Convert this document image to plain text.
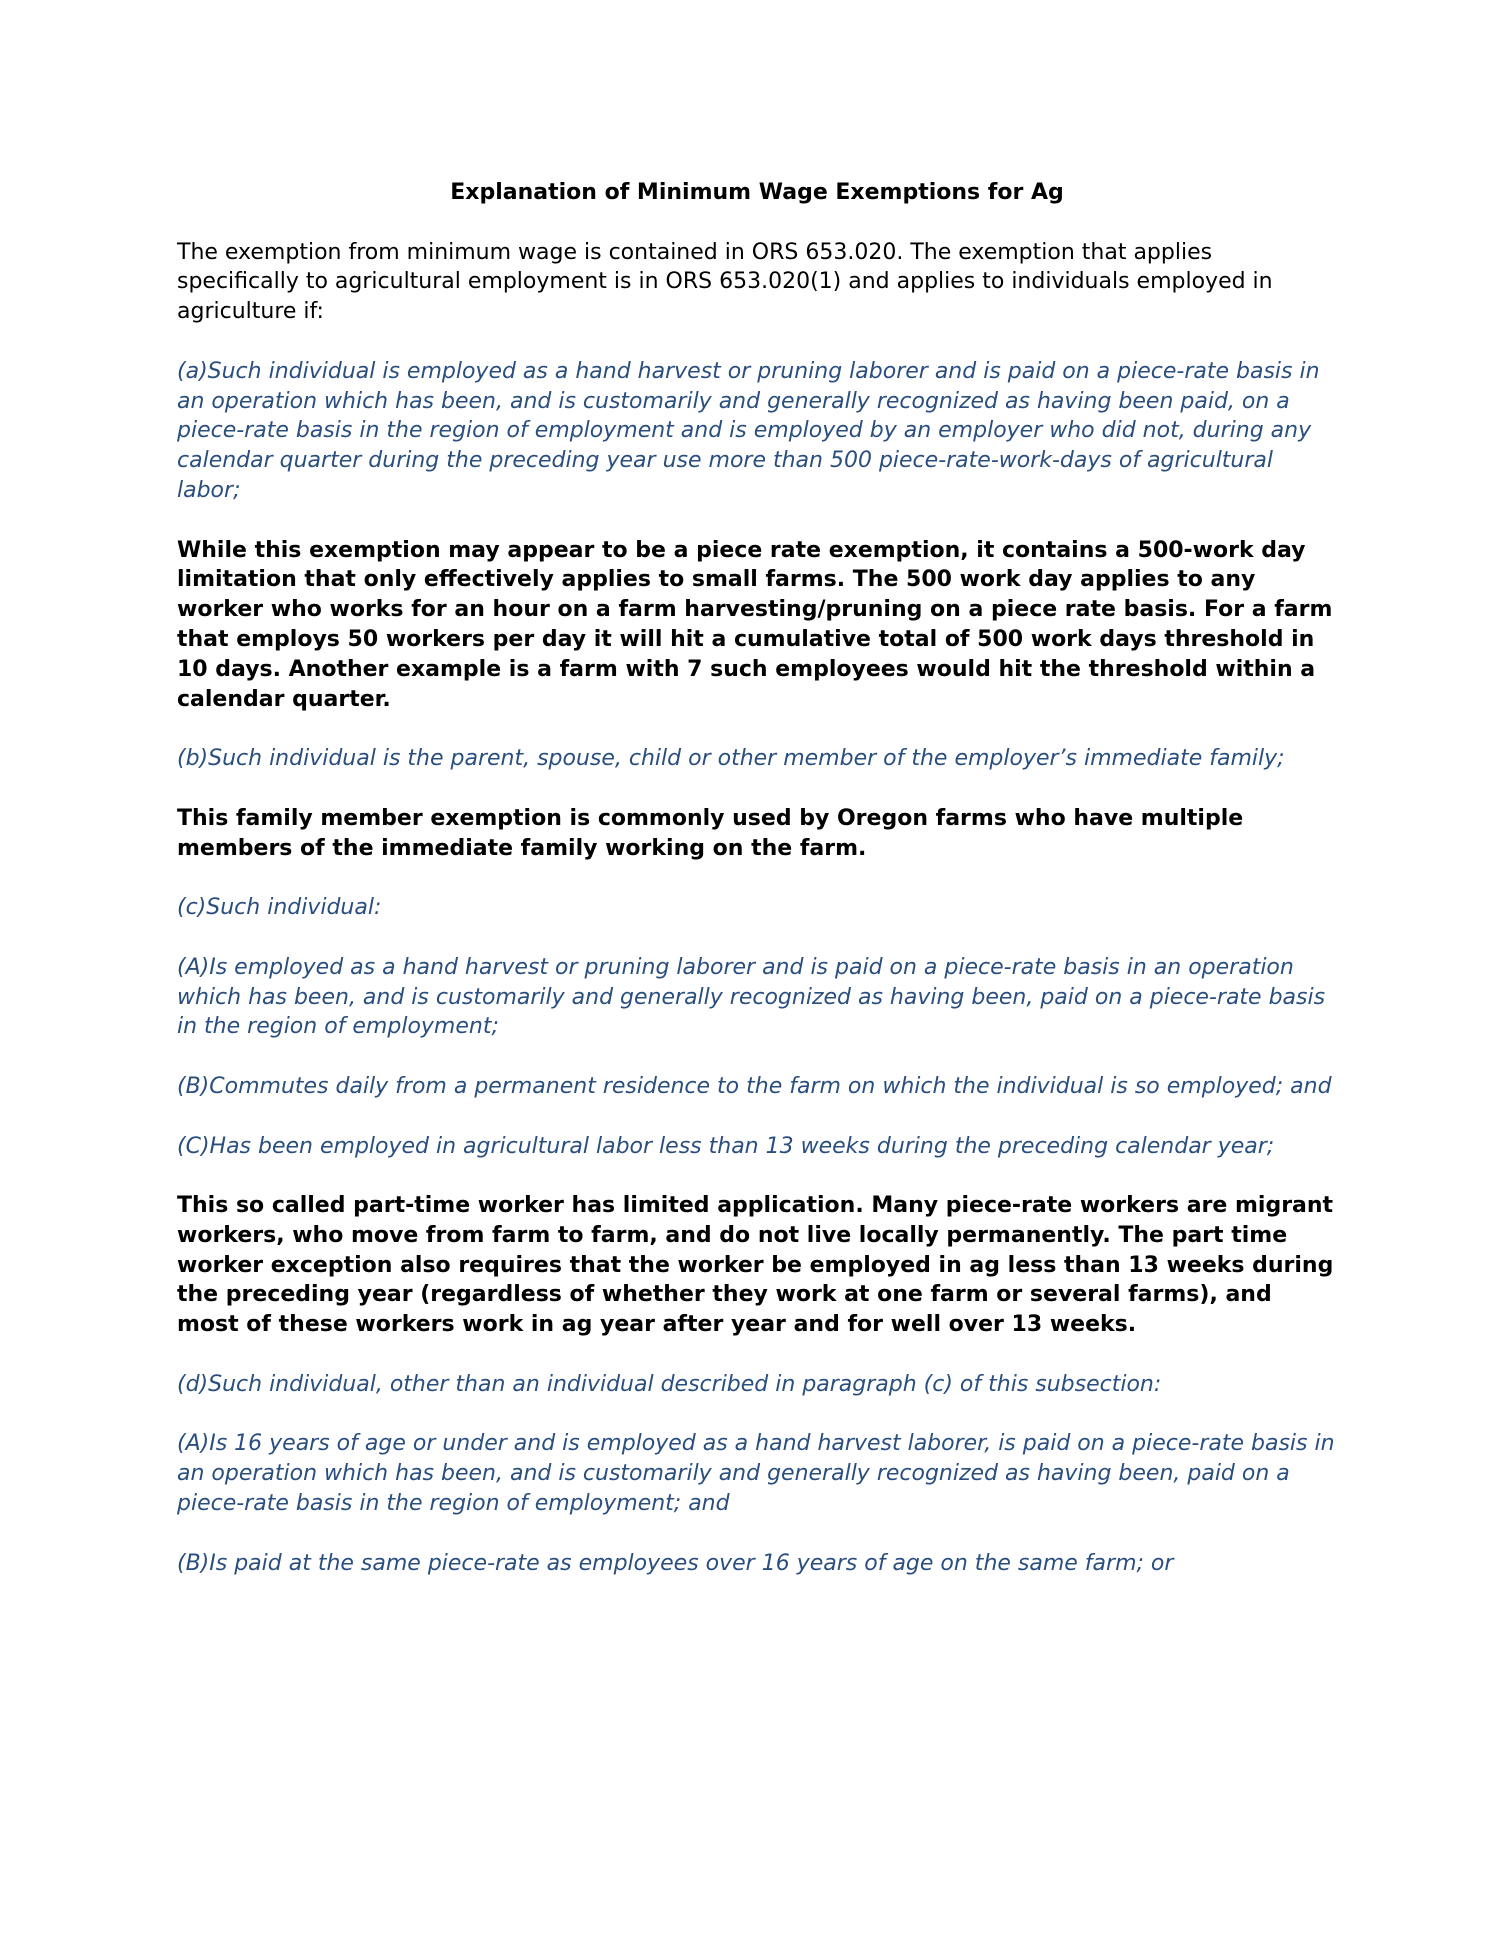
Explanation of Minimum Wage Exemptions for Ag

The exemption from minimum wage is contained in ORS 653.020. The exemption that applies specifically to agricultural employment is in ORS 653.020(1) and applies to individuals employed in agriculture if:

(a)Such individual is employed as a hand harvest or pruning laborer and is paid on a piece-rate basis in an operation which has been, and is customarily and generally recognized as having been paid, on a piece-rate basis in the region of employment and is employed by an employer who did not, during any calendar quarter during the preceding year use more than 500 piece-rate-work-days of agricultural labor;

While this exemption may appear to be a piece rate exemption, it contains a 500-work day limitation that only effectively applies to small farms. The 500 work day applies to any worker who works for an hour on a farm harvesting/pruning on a piece rate basis. For a farm that employs 50 workers per day it will hit a cumulative total of 500 work days threshold in 10 days. Another example is a farm with 7 such employees would hit the threshold within a calendar quarter.

(b)Such individual is the parent, spouse, child or other member of the employer’s immediate family;

This family member exemption is commonly used by Oregon farms who have multiple members of the immediate family working on the farm.

(c)Such individual:

(A)Is employed as a hand harvest or pruning laborer and is paid on a piece-rate basis in an operation which has been, and is customarily and generally recognized as having been, paid on a piece-rate basis in the region of employment;

(B)Commutes daily from a permanent residence to the farm on which the individual is so employed; and

(C)Has been employed in agricultural labor less than 13 weeks during the preceding calendar year;

This so called part-time worker has limited application. Many piece-rate workers are migrant workers, who move from farm to farm, and do not live locally permanently. The part time worker exception also requires that the worker be employed in ag less than 13 weeks during the preceding year (regardless of whether they work at one farm or several farms), and most of these workers work in ag year after year and for well over 13 weeks.

(d)Such individual, other than an individual described in paragraph (c) of this subsection:

(A)Is 16 years of age or under and is employed as a hand harvest laborer, is paid on a piece-rate basis in an operation which has been, and is customarily and generally recognized as having been, paid on a piece-rate basis in the region of employment; and

(B)Is paid at the same piece-rate as employees over 16 years of age on the same farm; or
